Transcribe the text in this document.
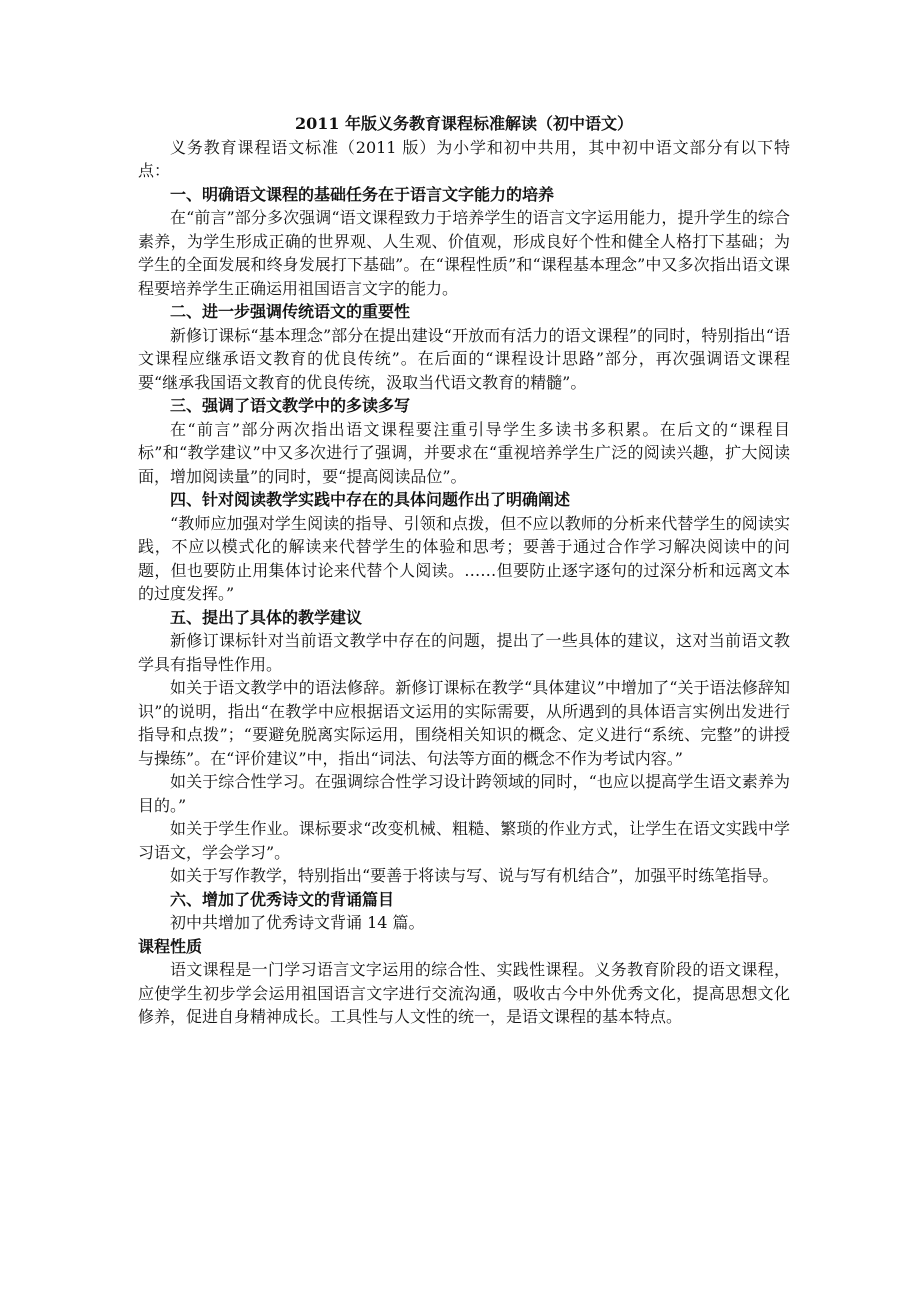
2011 年版义务教育课程标准解读（初中语文）

义务教育课程语文标准（2011 版）为小学和初中共用，其中初中语文部分有以下特点：

一、明确语文课程的基础任务在于语言文字能力的培养

在“前言”部分多次强调“语文课程致力于培养学生的语言文字运用能力，提升学生的综合素养，为学生形成正确的世界观、人生观、价值观，形成良好个性和健全人格打下基础；为学生的全面发展和终身发展打下基础”。在“课程性质”和“课程基本理念”中又多次指出语文课程要培养学生正确运用祖国语言文字的能力。

二、进一步强调传统语文的重要性

新修订课标“基本理念”部分在提出建设“开放而有活力的语文课程”的同时，特别指出“语文课程应继承语文教育的优良传统”。在后面的“课程设计思路”部分，再次强调语文课程要“继承我国语文教育的优良传统，汲取当代语文教育的精髓”。

三、强调了语文教学中的多读多写

在“前言”部分两次指出语文课程要注重引导学生多读书多积累。在后文的“课程目标”和“教学建议”中又多次进行了强调，并要求在“重视培养学生广泛的阅读兴趣，扩大阅读面，增加阅读量”的同时，要“提高阅读品位”。

四、针对阅读教学实践中存在的具体问题作出了明确阐述

“教师应加强对学生阅读的指导、引领和点拨，但不应以教师的分析来代替学生的阅读实践，不应以模式化的解读来代替学生的体验和思考；要善于通过合作学习解决阅读中的问题，但也要防止用集体讨论来代替个人阅读。……但要防止逐字逐句的过深分析和远离文本的过度发挥。”

五、提出了具体的教学建议

新修订课标针对当前语文教学中存在的问题，提出了一些具体的建议，这对当前语文教学具有指导性作用。

如关于语文教学中的语法修辞。新修订课标在教学“具体建议”中增加了“关于语法修辞知识”的说明，指出“在教学中应根据语文运用的实际需要，从所遇到的具体语言实例出发进行指导和点拨”；“要避免脱离实际运用，围绕相关知识的概念、定义进行“系统、完整”的讲授与操练”。在“评价建议”中，指出“词法、句法等方面的概念不作为考试内容。”

如关于综合性学习。在强调综合性学习设计跨领域的同时，“也应以提高学生语文素养为目的。”

如关于学生作业。课标要求“改变机械、粗糙、繁琐的作业方式，让学生在语文实践中学习语文，学会学习”。

如关于写作教学，特别指出“要善于将读与写、说与写有机结合”，加强平时练笔指导。

六、增加了优秀诗文的背诵篇目

初中共增加了优秀诗文背诵 14 篇。

课程性质

语文课程是一门学习语言文字运用的综合性、实践性课程。义务教育阶段的语文课程，应使学生初步学会运用祖国语言文字进行交流沟通，吸收古今中外优秀文化，提高思想文化修养，促进自身精神成长。工具性与人文性的统一，是语文课程的基本特点。
